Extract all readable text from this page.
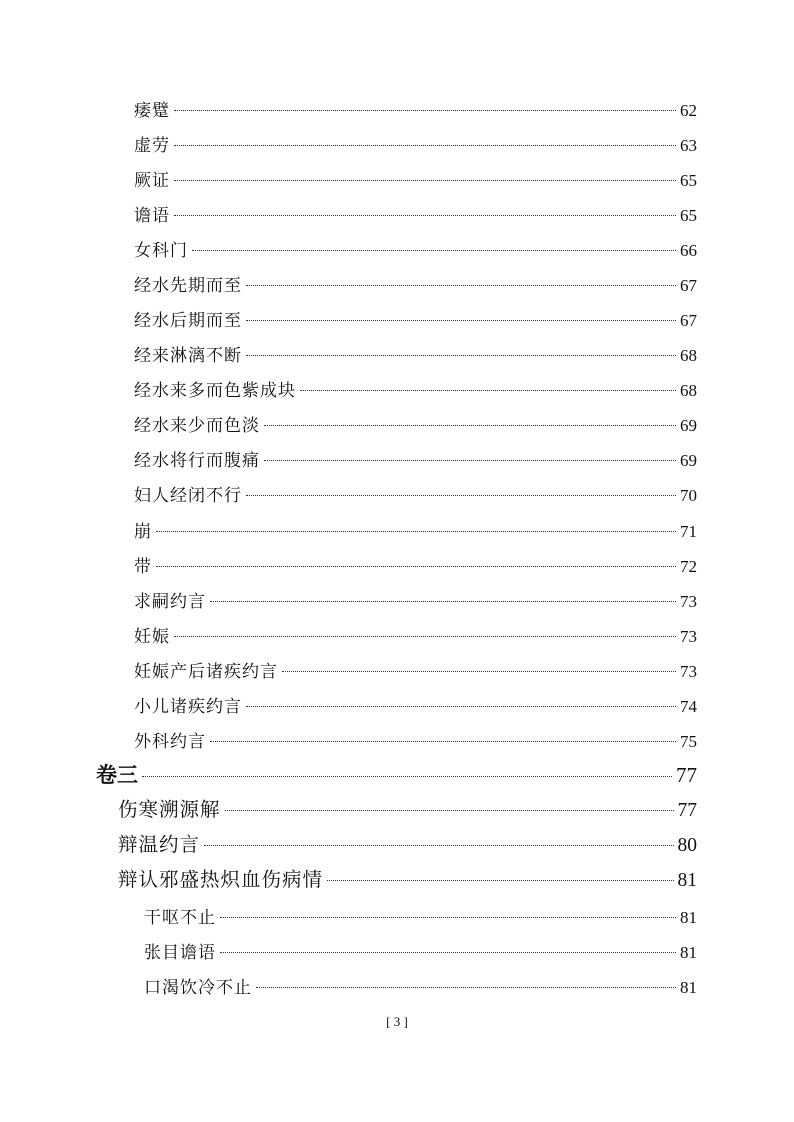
痿躄	62
虚劳	63
厥证	65
谵语	65
女科门	66
经水先期而至	67
经水后期而至	67
经来淋漓不断	68
经水来多而色紫成块	68
经水来少而色淡	69
经水将行而腹痛	69
妇人经闭不行	70
崩	71
带	72
求嗣约言	73
妊娠	73
妊娠产后诸疾约言	73
小儿诸疾约言	74
外科约言	75
卷三	77
伤寒溯源解	77
辩温约言	80
辩认邪盛热炽血伤病情	81
干呕不止	81
张目谵语	81
口渴饮冷不止	81
[ 3 ]
